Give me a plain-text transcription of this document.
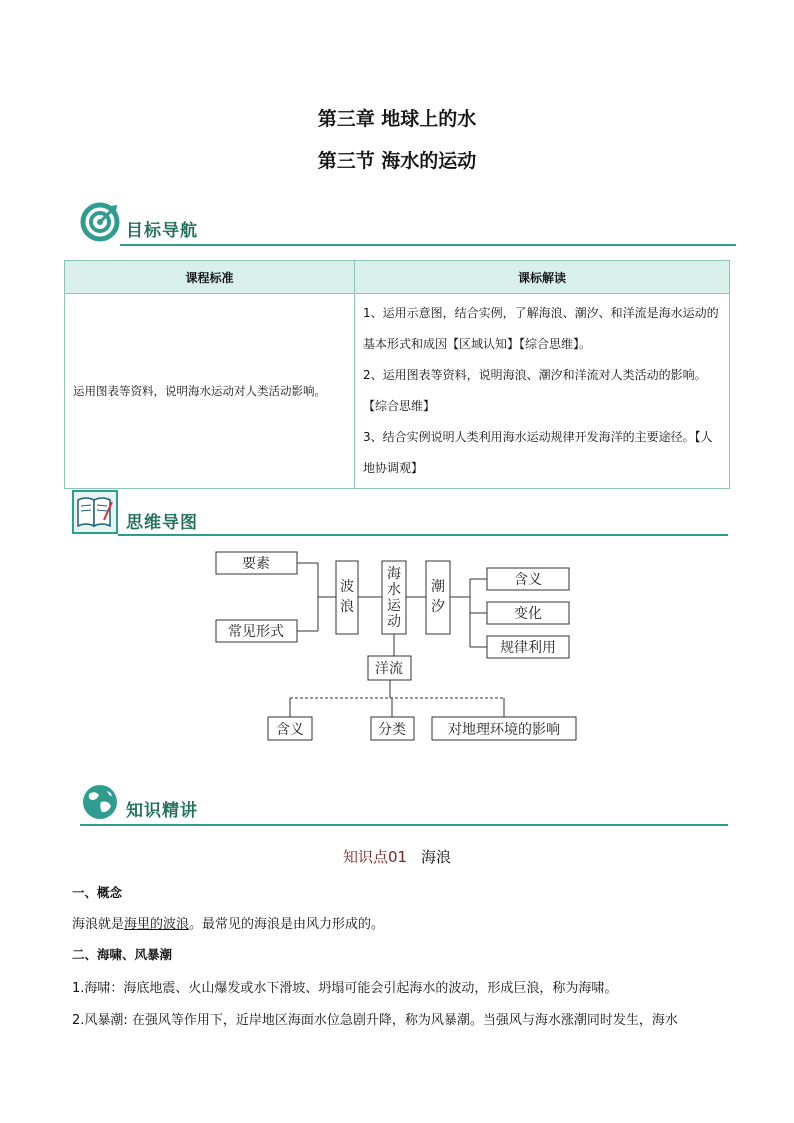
第三章 地球上的水
第三节 海水的运动
目标导航
课程标准	课标解读
运用图表等资料，说明海水运动对人类活动影响。	1、运用示意图，结合实例，了解海浪、潮汐、和洋流是海水运动的基本形式和成因【区域认知】【综合思维】。
2、运用图表等资料，说明海浪、潮汐和洋流对人类活动的影响。【综合思维】
3、结合实例说明人类利用海水运动规律开发海洋的主要途径。【人地协调观】
思维导图
要素
常见形式
含义
变化
规律利用
洋流
含义	分类	对地理环境的影响
波浪
海水运动
潮汐
知识精讲
知识点01 海浪
一、概念
海浪就是海里的波浪。最常见的海浪是由风力形成的。
二、海啸、风暴潮
1.海啸：海底地震、火山爆发或水下滑坡、坍塌可能会引起海水的波动，形成巨浪，称为海啸。
2.风暴潮: 在强风等作用下，近岸地区海面水位急剧升降，称为风暴潮。当强风与海水涨潮同时发生，海水
